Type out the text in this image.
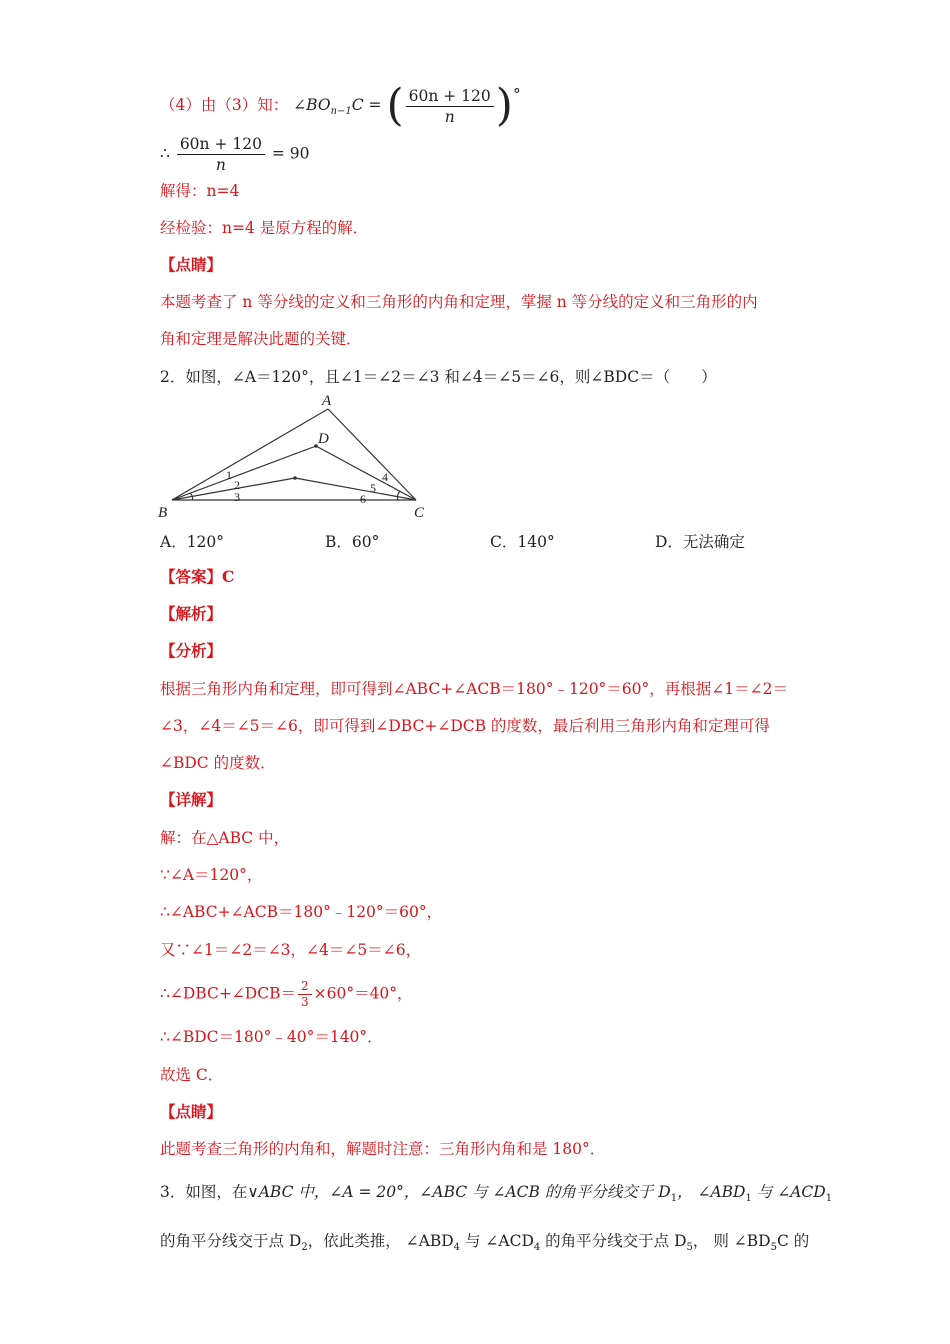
（4）由（3）知： $\angle BO_{n-1}C$ = ( $\frac{60n + 120}{n}$ )°
∴ $\frac{60n + 120}{n} = 90$
解得：n=4
经检验：n=4 是原方程的解．
【点睛】
本题考查了 n 等分线的定义和三角形的内角和定理，掌握 n 等分线的定义和三角形的内
角和定理是解决此题的关键．
2．如图，∠A＝120°，且∠1＝∠2＝∠3 和∠4＝∠5＝∠6，则∠BDC＝（　　）
A
B	C
D
1
2
3
4
5
6
A．120°	B．60°	C．140°	D．无法确定
【答案】C
【解析】
【分析】
根据三角形内角和定理，即可得到∠ABC+∠ACB＝180°﹣120°＝60°，再根据∠1＝∠2＝
∠3，∠4＝∠5＝∠6，即可得到∠DBC+∠DCB 的度数，最后利用三角形内角和定理可得
∠BDC 的度数．
【详解】
解：在△ABC 中，
∵∠A＝120°，
∴∠ABC+∠ACB＝180°﹣120°＝60°，
又∵∠1＝∠2＝∠3，∠4＝∠5＝∠6，
∴∠DBC+∠DCB＝ $\frac{2}{3} \times 60^\circ=40^\circ$，
∴∠BDC＝180°﹣40°＝140°．
故选 C．
【点睛】
此题考查三角形的内角和，解题时注意：三角形内角和是 180°．
3．如图，在∨ABC 中，∠A = 20°，∠ABC 与 ∠ACB 的角平分线交于 $D_1$， $\angle ABD_1$ 与 $\angle ACD_1$
的角平分线交于点 $D_2$，依此类推， $\angle ABD_4$ 与 $\angle ACD_4$ 的角平分线交于点 $D_5$， 则 $\angle BD_5C$ 的
